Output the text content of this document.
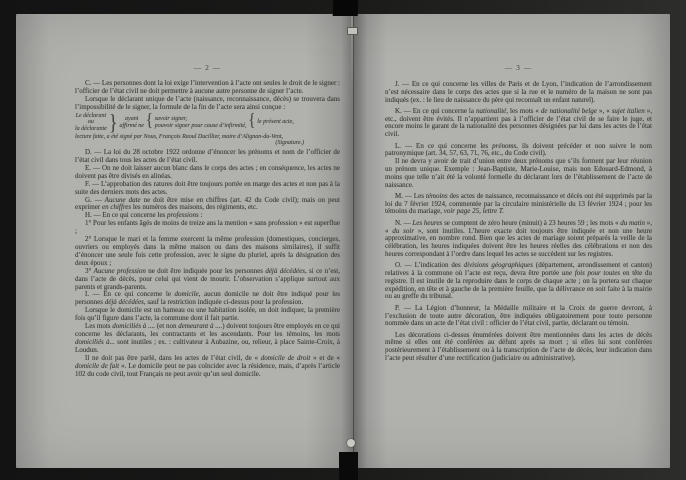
— 2 —

C. — Les personnes dont la loi exige l’intervention à l’acte ont seules le droit de le signer : l’officier de l’état civil ne doit permettre à aucune autre personne de signer l’acte.

Lorsque le déclarant unique de l’acte (naissance, reconnaissance, décès) se trouvera dans l’impossibilité de le signer, la formule de la fin de l’acte sera ainsi conçue :

Le déclarant
ou
la déclarante }	ayant
affirmé ne { savoir signer,
pouvoir signer pour cause d’infirmité, { le présent acte,
lecture faite, a été signé par Nous, François Raoul Ducillier, maire d’Alignan-du-Vent,
(Signature.)

D. — La loi du 28 octobre 1922 ordonne d’énoncer les prénoms et nom de l’officier de l’état civil dans tous les actes de l’état civil.

E. — On ne doit laisser aucun blanc dans le corps des actes ; en conséquence, les actes ne doivent pas être divisés en alinéas.

F. — L’approbation des ratures doit être toujours portée en marge des actes et non pas à la suite des derniers mots des actes.

G. — Aucune date ne doit être mise en chiffres (art. 42 du Code civil); mais on peut exprimer en chiffres les numéros des maisons, des régiments, etc.

H. — En ce qui concerne les professions :

1° Pour les enfants âgés de moins de treize ans la mention « sans profession » est superflue ;

2° Lorsque le mari et la femme exercent la même profession (domestiques, concierges, ouvriers ou employés dans la même maison ou dans des maisons similaires), il suffit d’énoncer une seule fois cette profession, avec le signe du pluriel, après la désignation des deux époux ;

3° Aucune profession ne doit être indiquée pour les personnes déjà décédées, si ce n’est, dans l’acte de décès, pour celui qui vient de mourir. L’observation s’applique surtout aux parents et grands-parents.

I. — En ce qui concerne le domicile, aucun domicile ne doit être indiqué pour les personnes déjà décédées, sauf la restriction indiquée ci-dessus pour la profession.

Lorsque le domicile est un hameau ou une habitation isolée, on doit indiquer, la première fois qu’il figure dans l’acte, la commune dont il fait partie.

Les mots domiciliés à .... (et non demeurant à ....) doivent toujours être employés en ce qui concerne les déclarants, les contractants et les ascendants. Pour les témoins, les mots domiciliés à... sont inutiles ; ex. : cultivateur à Aubazine, ou, relieur, à place Sainte-Croix, à Loudun.

Il ne doit pas être parlé, dans les actes de l’état civil, de « domicile de droit » et de « domicile de fait ». Le domicile peut ne pas coïncider avec la résidence, mais, d’après l’article 102 du code civil, tout Français ne peut avoir qu’un seul domicile.

— 3 —

J. — En ce qui concerne les villes de Paris et de Lyon, l’indication de l’arrondissement n’est nécessaire dans le corps des actes que si la rue et le numéro de la maison ne sont pas indiqués (ex. : le lieu de naissance du père qui reconnaît un enfant naturel).

K. — En ce qui concerne la nationalité, les mots « de nationalité belge », « sujet italien », etc., doivent être évités. Il n’appartient pas à l’officier de l’état civil de se faire le juge, et encore moins le garant de la nationalité des personnes désignées par lui dans les actes de l’état civil.

L. — En ce qui concerne les prénoms, ils doivent précéder et non suivre le nom patronymique (art. 34, 57, 63, 71, 76, etc., du Code civil).

Il ne devra y avoir de trait d’union entre deux prénoms que s’ils forment par leur réunion un prénom unique. Exemple : Jean-Baptiste, Marie-Louise, mais non Edouard-Edmond, à moins que telle n’ait été la volonté formelle du déclarant lors de l’établissement de l’acte de naissance.

M. — Les témoins des actes de naissance, reconnaissance et décès ont été supprimés par la loi du 7 février 1924, commentée par la circulaire ministérielle du 13 février 1924 ; pour les témoins du mariage, voir page 25, lettre T.

N. — Les heures se comptent de zéro heure (minuit) à 23 heures 59 ; les mots « du matin », « du soir », sont inutiles. L’heure exacte doit toujours être indiquée et non une heure approximative, en nombre rond. Bien que les actes de mariage soient préparés la veille de la célébration, les heures indiquées doivent être les heures réelles des célébrations et non des heures correspondant à l’ordre dans lequel les actes se succèdent sur les registres.

O. — L’indication des divisions géographiques (département, arrondissement et canton) relatives à la commune où l’acte est reçu, devra être portée une fois pour toutes en tête du registre. Il est inutile de la reproduire dans le corps de chaque acte ; on la portera sur chaque expédition, en tête et à gauche de la première feuille, que la délivrance en soit faite à la mairie ou au greffe du tribunal.

P. — La Légion d’honneur, la Médaille militaire et la Croix de guerre devront, à l’exclusion de toute autre décoration, être indiquées obligatoirement pour toute personne nommée dans un acte de l’état civil : officier de l’état civil, partie, déclarant ou témoin.

Les décorations ci-dessus énumérées doivent être mentionnées dans les actes de décès même si elles ont été conférées au défunt après sa mort ; si elles lui sont conférées postérieurement à l’établissement ou à la transcription de l’acte de décès, leur indication dans l’acte peut résulter d’une rectification (judiciaire ou administrative).
